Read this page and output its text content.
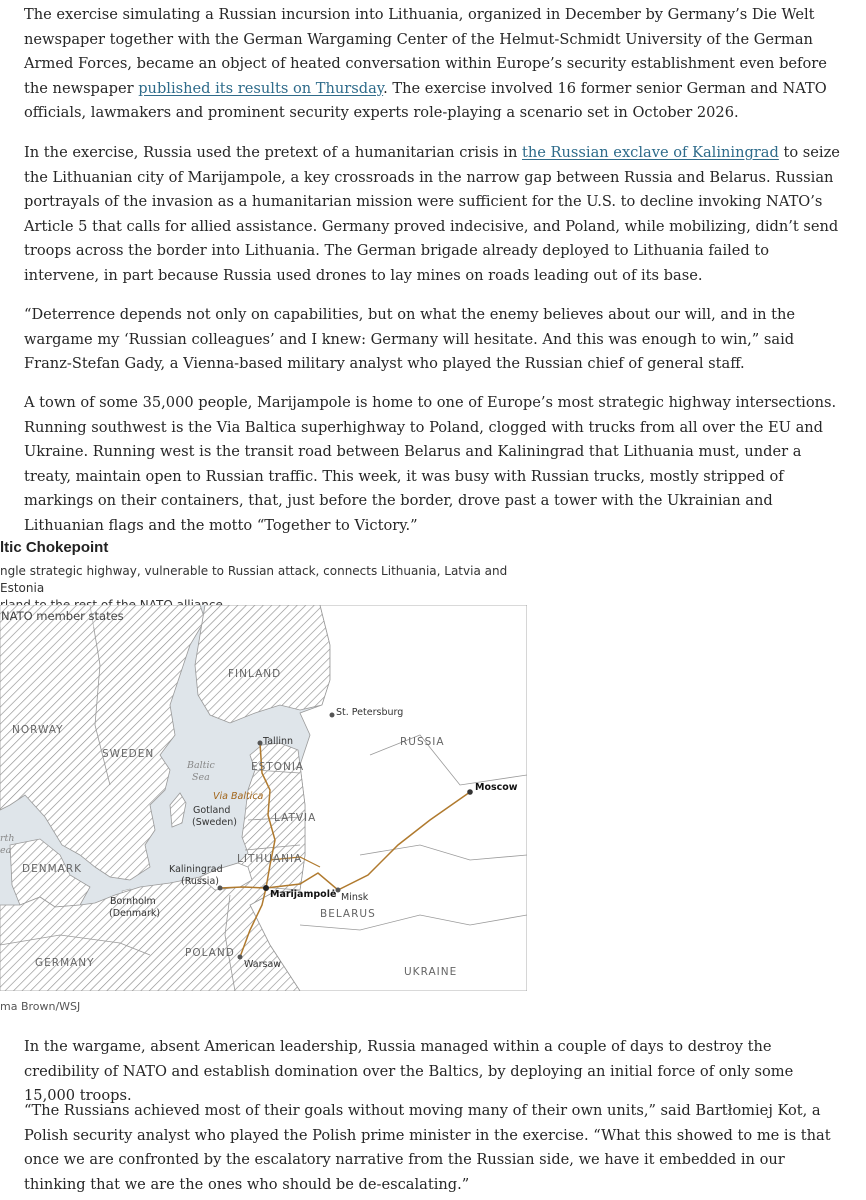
The exercise simulating a Russian incursion into Lithuania, organized in December by Germany’s Die Welt newspaper together with the German Wargaming Center of the Helmut-Schmidt University of the German Armed Forces, became an object of heated conversation within Europe’s security establishment even before the newspaper published its results on Thursday. The exercise involved 16 former senior German and NATO officials, lawmakers and prominent security experts role-playing a scenario set in October 2026.

In the exercise, Russia used the pretext of a humanitarian crisis in the Russian exclave of Kaliningrad to seize the Lithuanian city of Marijampole, a key crossroads in the narrow gap between Russia and Belarus. Russian portrayals of the invasion as a humanitarian mission were sufficient for the U.S. to decline invoking NATO’s Article 5 that calls for allied assistance. Germany proved indecisive, and Poland, while mobilizing, didn’t send troops across the border into Lithuania. The German brigade already deployed to Lithuania failed to intervene, in part because Russia used drones to lay mines on roads leading out of its base.

“Deterrence depends not only on capabilities, but on what the enemy believes about our will, and in the wargame my ‘Russian colleagues’ and I knew: Germany will hesitate. And this was enough to win,” said Franz-Stefan Gady, a Vienna-based military analyst who played the Russian chief of general staff.

A town of some 35,000 people, Marijampole is home to one of Europe’s most strategic highway intersections. Running southwest is the Via Baltica superhighway to Poland, clogged with trucks from all over the EU and Ukraine. Running west is the transit road between Belarus and Kaliningrad that Lithuania must, under a treaty, maintain open to Russian traffic. This week, it was busy with Russian trucks, mostly stripped of markings on their containers, that, just before the border, drove past a tower with the Ukrainian and Lithuanian flags and the motto “Together to Victory.”

ltic Chokepoint

ngle strategic highway, vulnerable to Russian attack, connects Lithuania, Latvia and Estonia

NATO member states
FINLAND
NORWAY
SWEDEN
RUSSIA
ESTONIA
LATVIA
LITHUANIA
DENMARK
BELARUS
POLAND
GERMANY
UKRAINE
Baltic
Sea
rth
ea
St. Petersburg
Tallinn
Moscow
Via Baltica
Gotland
(Sweden)
Kaliningrad
(Russia)
Marijampolė Minsk
Bornholm
(Denmark)
Warsaw

ma Brown/WSJ

In the wargame, absent American leadership, Russia managed within a couple of days to destroy the credibility of NATO and establish domination over the Baltics, by deploying an initial force of only some 15,000 troops.

“The Russians achieved most of their goals without moving many of their own units,” said Bartłomiej Kot, a Polish security analyst who played the Polish prime minister in the exercise. “What this showed to me is that once we are confronted by the escalatory narrative from the Russian side, we have it embedded in our thinking that we are the ones who should be de-escalating.”
